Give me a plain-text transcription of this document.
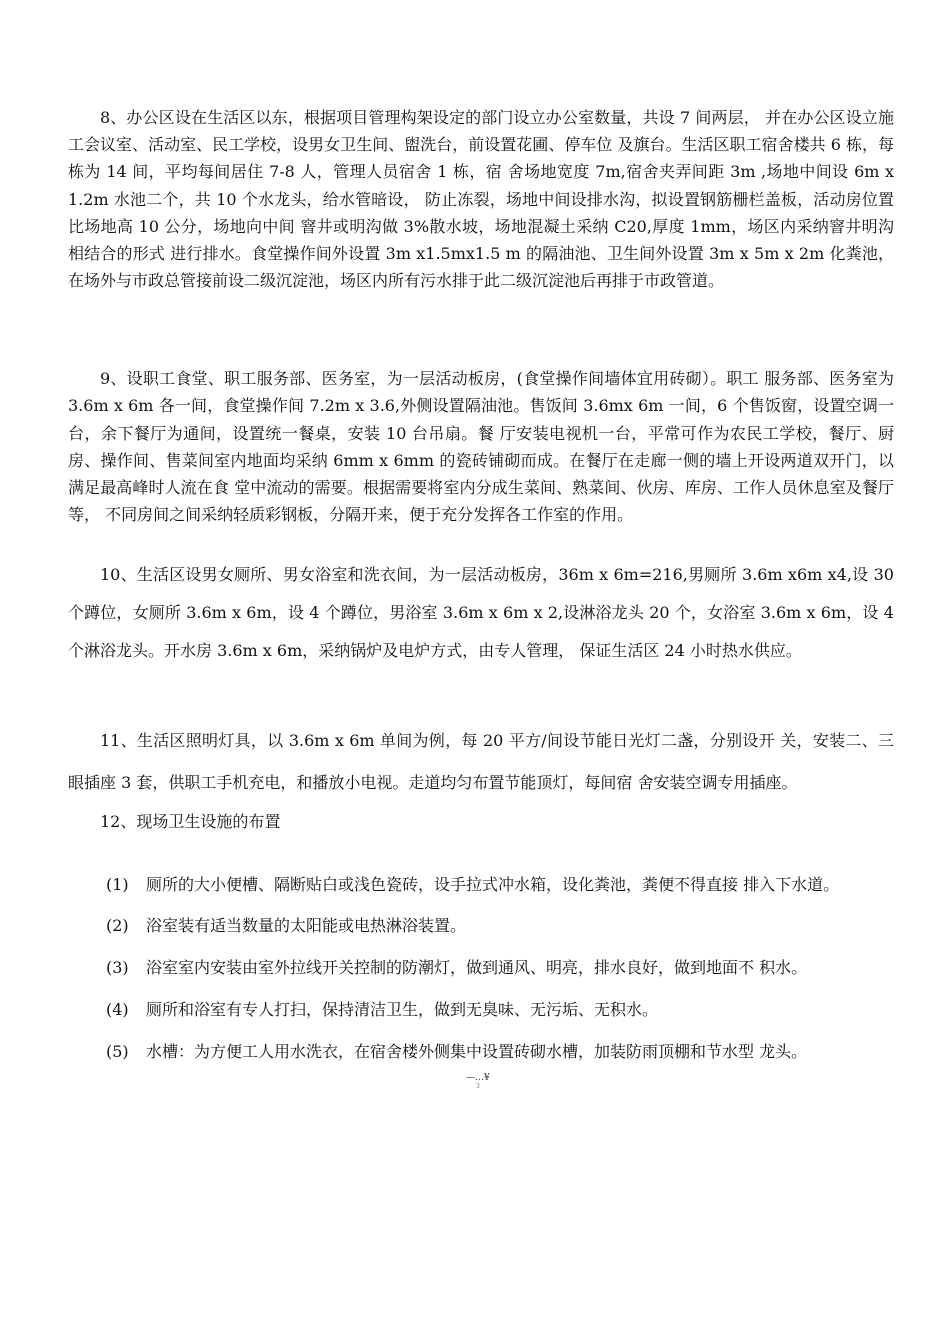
8、办公区设在生活区以东，根据项目管理构架设定的部门设立办公室数量，共设 7 间两层， 并在办公区设立施工会议室、活动室、民工学校，设男女卫生间、盥洗台，前设置花圃、停车位 及旗台。生活区职工宿舍楼共 6 栋，每栋为 14 间，平均每间居住 7-8 人，管理人员宿舍 1 栋，宿 舍场地宽度 7m,宿舍夹弄间距 3m ,场地中间设 6m x 1.2m 水池二个，共 10 个水龙头，给水管暗设， 防止冻裂，场地中间设排水沟，拟设置钢筋栅栏盖板，活动房位置比场地高 10 公分，场地向中间 窨井或明沟做 3%散水坡，场地混凝土采纳 C20,厚度 1mm，场区内采纳窨井明沟相结合的形式 进行排水。食堂操作间外设置 3m x1.5mx1.5 m 的隔油池、卫生间外设置 3m x 5m x 2m 化粪池， 在场外与市政总管接前设二级沉淀池，场区内所有污水排于此二级沉淀池后再排于市政管道。

9、设职工食堂、职工服务部、医务室，为一层活动板房，(食堂操作间墙体宜用砖砌）。职工 服务部、医务室为 3.6m x 6m 各一间，食堂操作间 7.2m x 3.6,外侧设置隔油池。售饭间 3.6mx 6m 一间，6 个售饭窗，设置空调一台，余下餐厅为通间，设置统一餐桌，安装 10 台吊扇。餐 厅安装电视机一台，平常可作为农民工学校，餐厅、厨房、操作间、售菜间室内地面均采纳 6mm x 6mm 的瓷砖铺砌而成。在餐厅在走廊一侧的墙上开设两道双开门，以满足最高峰时人流在食 堂中流动的需要。根据需要将室内分成生菜间、熟菜间、伙房、库房、工作人员休息室及餐厅等， 不同房间之间采纳轻质彩钢板，分隔开来，便于充分发挥各工作室的作用。

10、生活区设男女厕所、男女浴室和洗衣间，为一层活动板房，36m x 6m=216,男厕所 3.6m x6m x4,设 30 个蹲位，女厕所 3.6m x 6m，设 4 个蹲位，男浴室 3.6m x 6m x 2,设淋浴龙头 20 个，女浴室 3.6m x 6m，设 4 个淋浴龙头。开水房 3.6m x 6m，采纳锅炉及电炉方式，由专人管理， 保证生活区 24 小时热水供应。

11、生活区照明灯具，以 3.6m x 6m 单间为例，每 20 平方/间设节能日光灯二盏，分别设开 关，安装二、三眼插座 3 套，供职工手机充电，和播放小电视。走道均匀布置节能顶灯，每间宿 舍安装空调专用插座。

12、现场卫生设施的布置

(1) 厕所的大小便槽、隔断贴白或浅色瓷砖，设手拉式冲水箱，设化粪池，粪便不得直接 排入下水道。

(2) 浴室装有适当数量的太阳能或电热淋浴装置。

(3) 浴室室内安装由室外拉线开关控制的防潮灯，做到通风、明亮，排水良好，做到地面不 积水。

(4) 厕所和浴室有专人打扫，保持清洁卫生，做到无臭味、无污垢、无积水。

(5) 水槽：为方便工人用水洗衣，在宿舍楼外侧集中设置砖砌水槽，加装防雨顶棚和节水型 龙头。

—…¥
3
